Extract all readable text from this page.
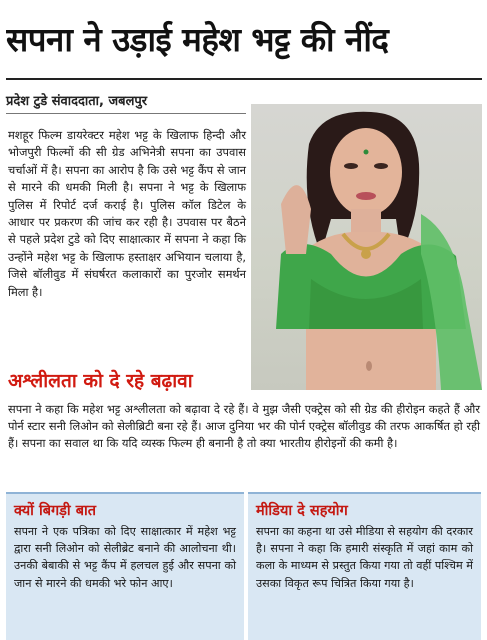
सपना ने उड़ाई महेश भट्ट की नींद
प्रदेश टुडे संवाददाता, जबलपुर
मशहूर फिल्म डायरेक्टर महेश भट्ट के खिलाफ हिन्दी और भोजपुरी फिल्मों की सी ग्रेड अभिनेत्री सपना का उपवास चर्चाओं में है। सपना का आरोप है कि उसे भट्ट कैंप से जान से मारने की धमकी मिली है। सपना ने भट्ट के खिलाफ पुलिस में रिपोर्ट दर्ज कराई है। पुलिस कॉल डिटेल के आधार पर प्रकरण की जांच कर रही है। उपवास पर बैठने से पहले प्रदेश टुडे को दिए साक्षात्कार में सपना ने कहा कि उन्होंने महेश भट्ट के खिलाफ हस्ताक्षर अभियान चलाया है, जिसे बॉलीवुड में संघर्षरत कलाकारों का पुरजोर समर्थन मिला है।
अश्लीलता को दे रहे बढ़ावा
सपना ने कहा कि महेश भट्ट अश्लीलता को बढ़ावा दे रहे हैं। वे मुझ जैसी एक्ट्रेस को सी ग्रेड की हीरोइन कहते हैं और पोर्न स्टार सनी लिओन को सेलीब्रिटी बना रहे हैं। आज दुनिया भर की पोर्न एक्ट्रेस बॉलीवुड की तरफ आकर्षित हो रही हैं। सपना का सवाल था कि यदि व्यस्क फिल्म ही बनानी है तो क्या भारतीय हीरोइनों की कमी है।
क्यों बिगड़ी बात

सपना ने एक पत्रिका को दिए साक्षात्कार में महेश भट्ट द्वारा सनी लिओन को सेलीब्रेट बनाने की आलोचना थी। उनकी बेबाकी से भट्ट कैंप में हलचल हुई और सपना को जान से मारने की धमकी भरे फोन आए।

मीडिया दे सहयोग

सपना का कहना था उसे मीडिया से सहयोग की दरकार है। सपना ने कहा कि हमारी संस्कृति में जहां काम को कला के माध्यम से प्रस्तुत किया गया तो वहीं पश्चिम में उसका विकृत रूप चित्रित किया गया है।
